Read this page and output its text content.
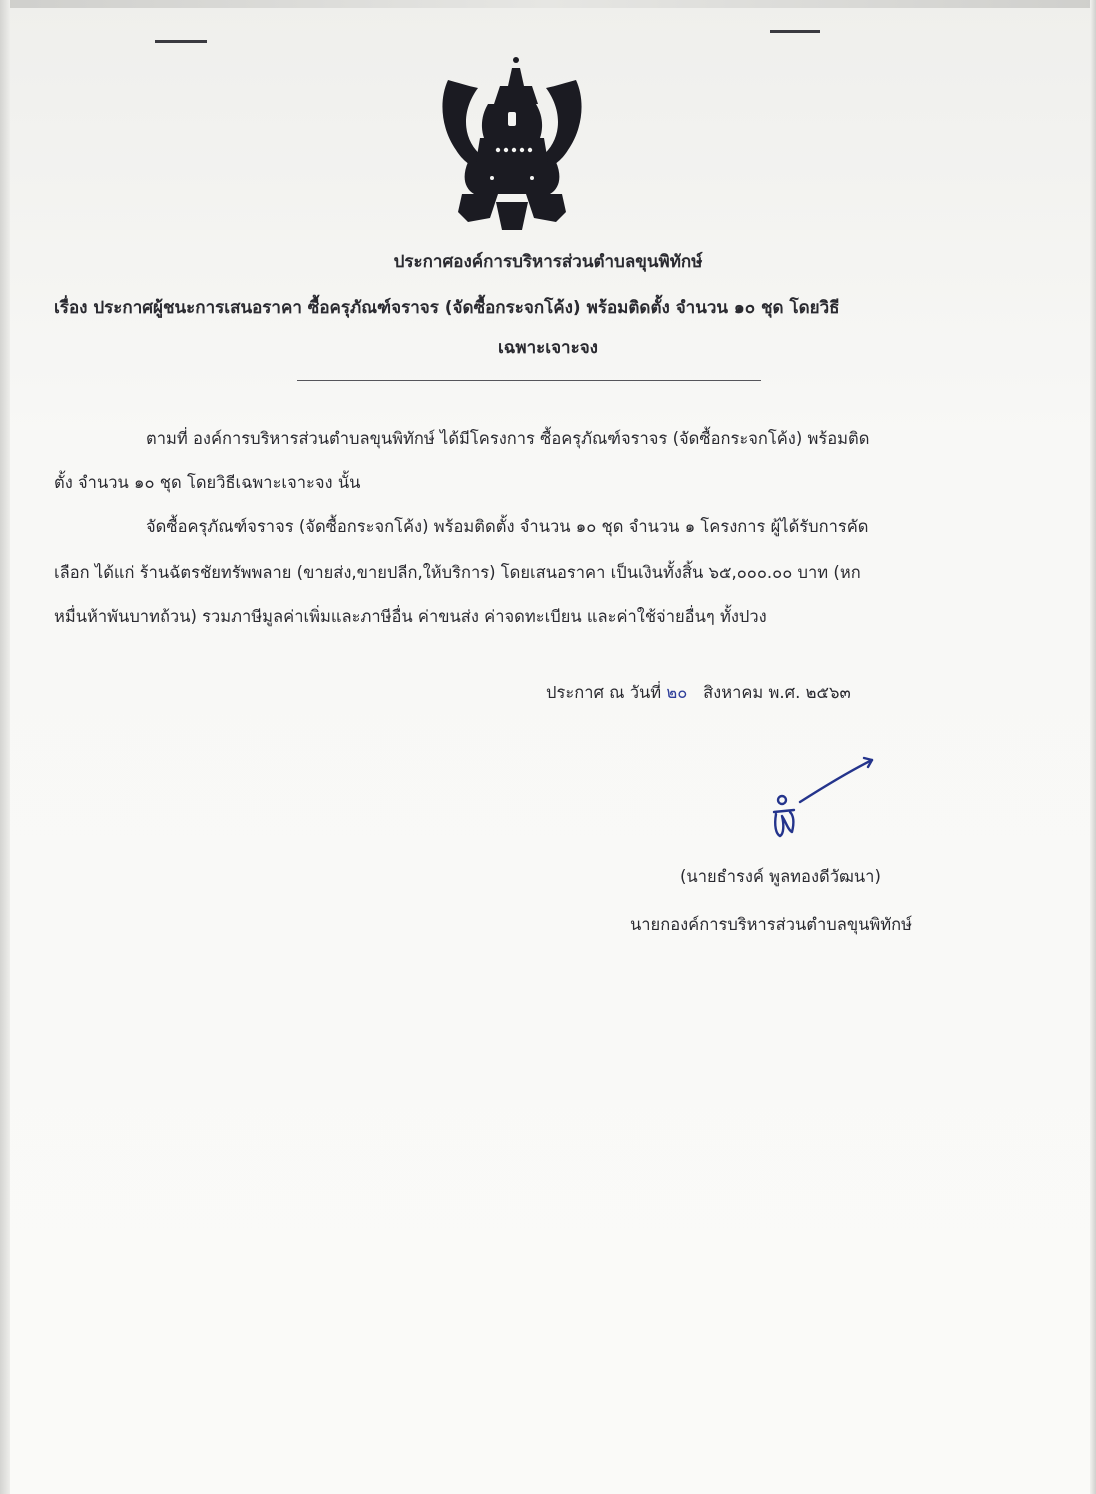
ประกาศองค์การบริหารส่วนตำบลขุนพิทักษ์
เรื่อง ประกาศผู้ชนะการเสนอราคา ซื้อครุภัณฑ์จราจร (จัดซื้อกระจกโค้ง) พร้อมติดตั้ง จำนวน ๑๐ ชุด โดยวิธี
เฉพาะเจาะจง
ตามที่ องค์การบริหารส่วนตำบลขุนพิทักษ์ ได้มีโครงการ ซื้อครุภัณฑ์จราจร (จัดซื้อกระจกโค้ง) พร้อมติด
ตั้ง จำนวน ๑๐ ชุด โดยวิธีเฉพาะเจาะจง นั้น
จัดซื้อครุภัณฑ์จราจร (จัดซื้อกระจกโค้ง) พร้อมติดตั้ง จำนวน ๑๐ ชุด จำนวน ๑ โครงการ ผู้ได้รับการคัด
เลือก ได้แก่ ร้านฉัตรชัยทรัพพลาย (ขายส่ง,ขายปลีก,ให้บริการ) โดยเสนอราคา เป็นเงินทั้งสิ้น ๖๕,๐๐๐.๐๐ บาท (หก
หมื่นห้าพันบาทถ้วน) รวมภาษีมูลค่าเพิ่มและภาษีอื่น ค่าขนส่ง ค่าจดทะเบียน และค่าใช้จ่ายอื่นๆ ทั้งปวง
ประกาศ ณ วันที่ ๒๐ สิงหาคม พ.ศ. ๒๕๖๓
(นายธำรงค์ พูลทองดีวัฒนา)
นายกองค์การบริหารส่วนตำบลขุนพิทักษ์
